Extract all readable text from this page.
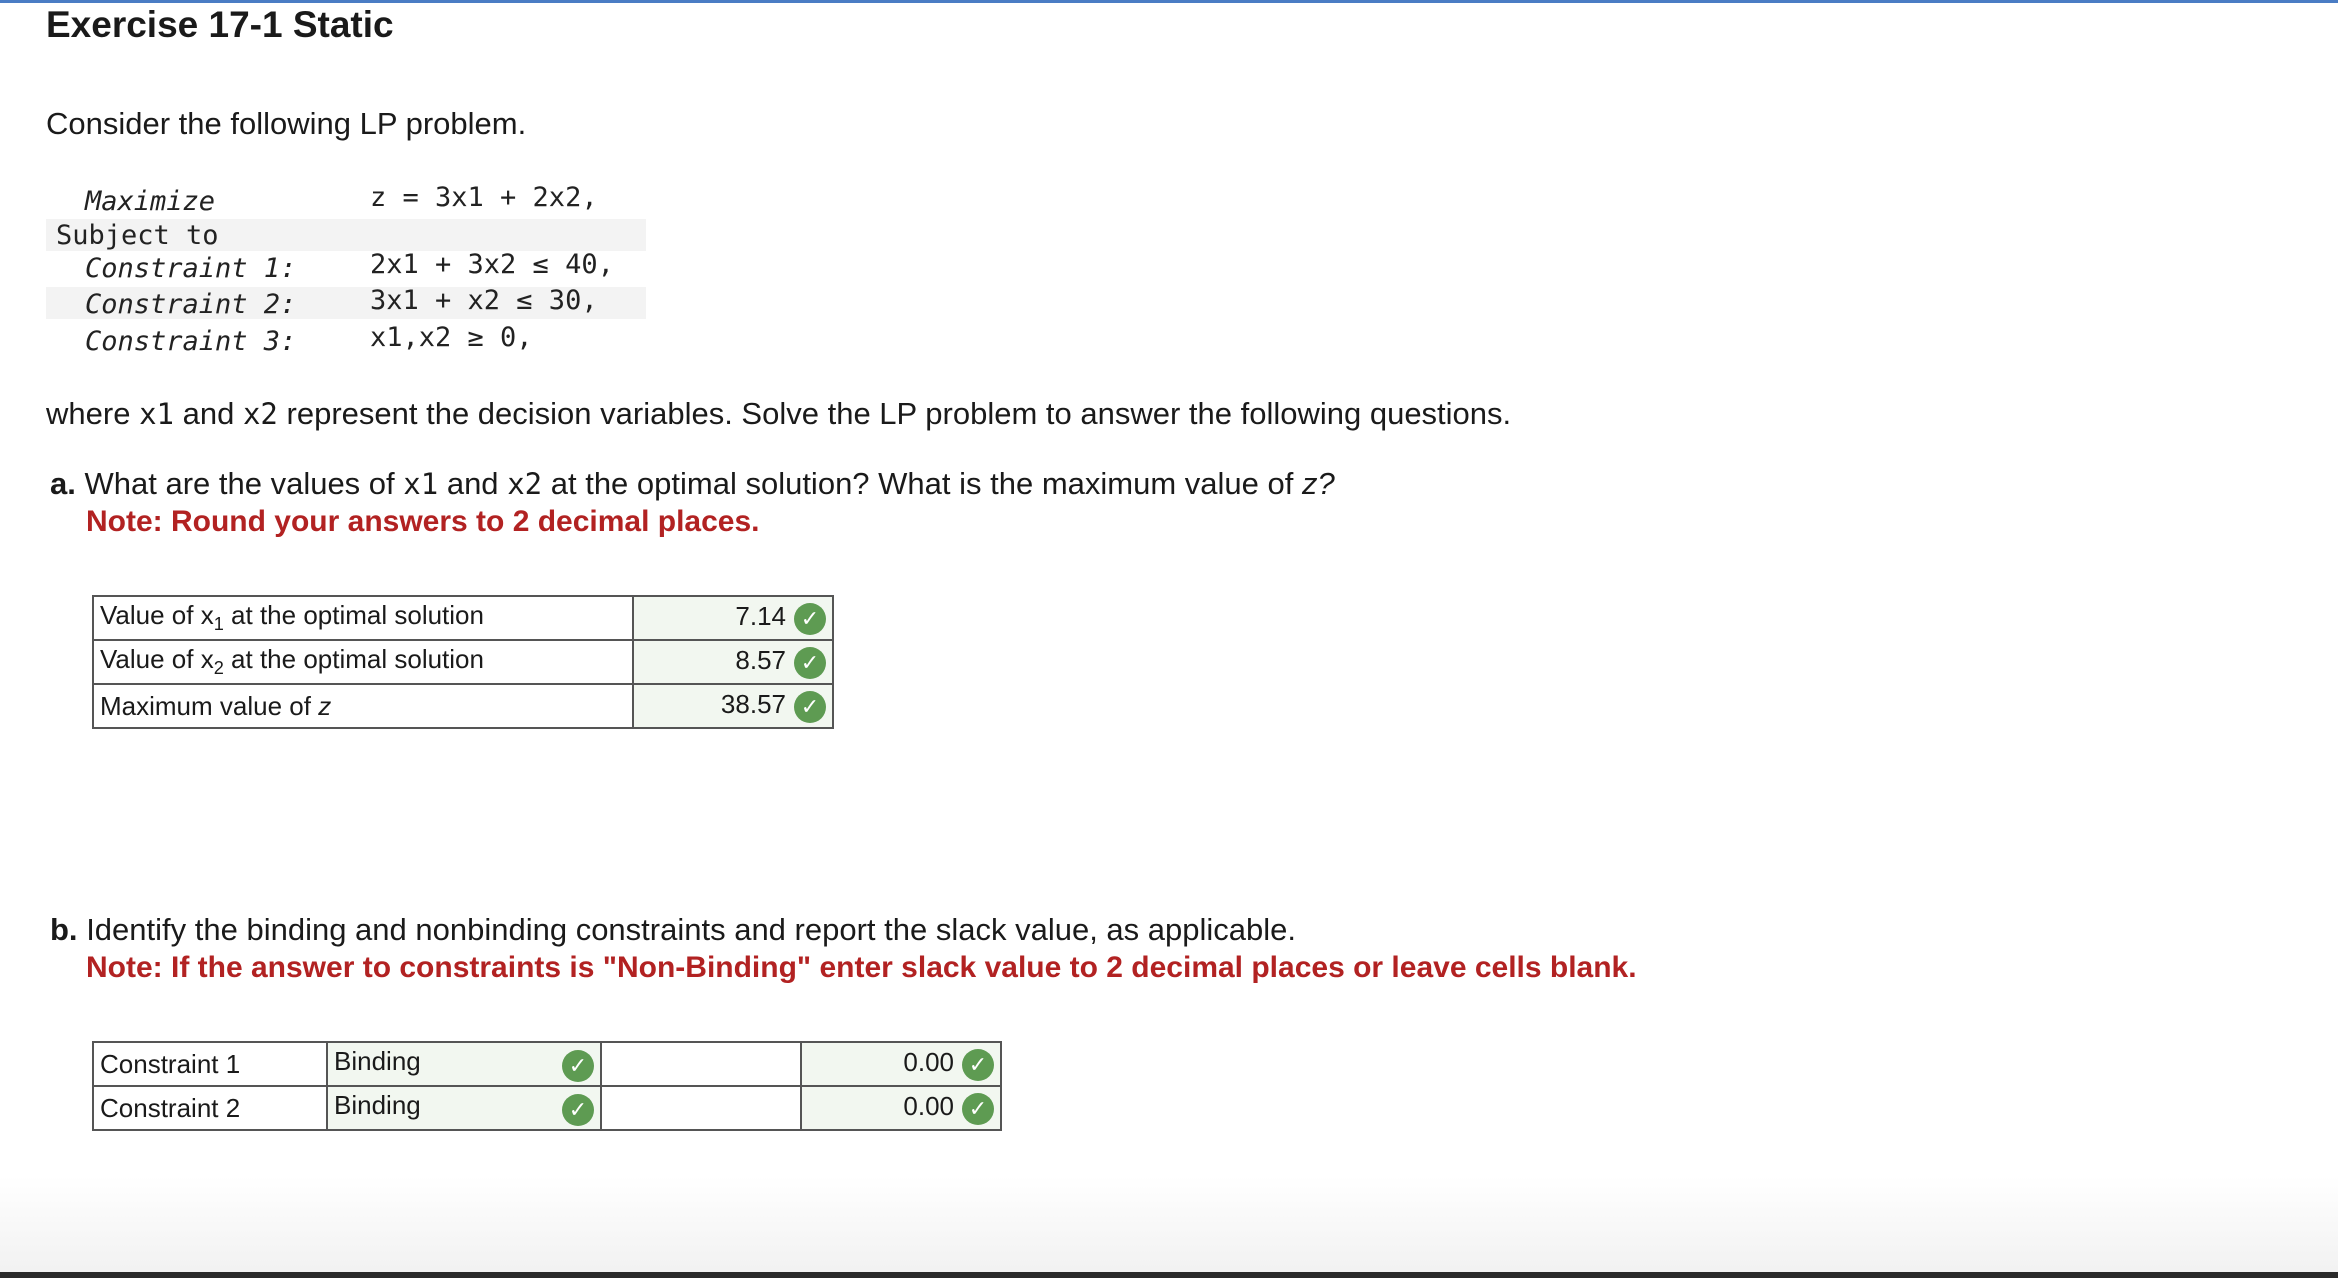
Exercise 17-1 Static
Consider the following LP problem.
Maximize	z = 3x1 + 2x2,
Subject to
Constraint 1:	2x1 + 3x2 ≤ 40,
Constraint 2:	3x1 + x2 ≤ 30,
Constraint 3:	x1,x2 ≥ 0,
where x1 and x2 represent the decision variables. Solve the LP problem to answer the following questions.
a. What are the values of x1 and x2 at the optimal solution? What is the maximum value of z?
Note: Round your answers to 2 decimal places.
Value of $x_1$ at the optimal solution	7.14 ✓
Value of $x_2$ at the optimal solution	8.57 ✓
Maximum value of z	38.57 ✓
b. Identify the binding and nonbinding constraints and report the slack value, as applicable.
Note: If the answer to constraints is "Non-Binding" enter slack value to 2 decimal places or leave cells blank.
Constraint 1	Binding ✓		0.00 ✓
Constraint 2	Binding ✓		0.00 ✓
